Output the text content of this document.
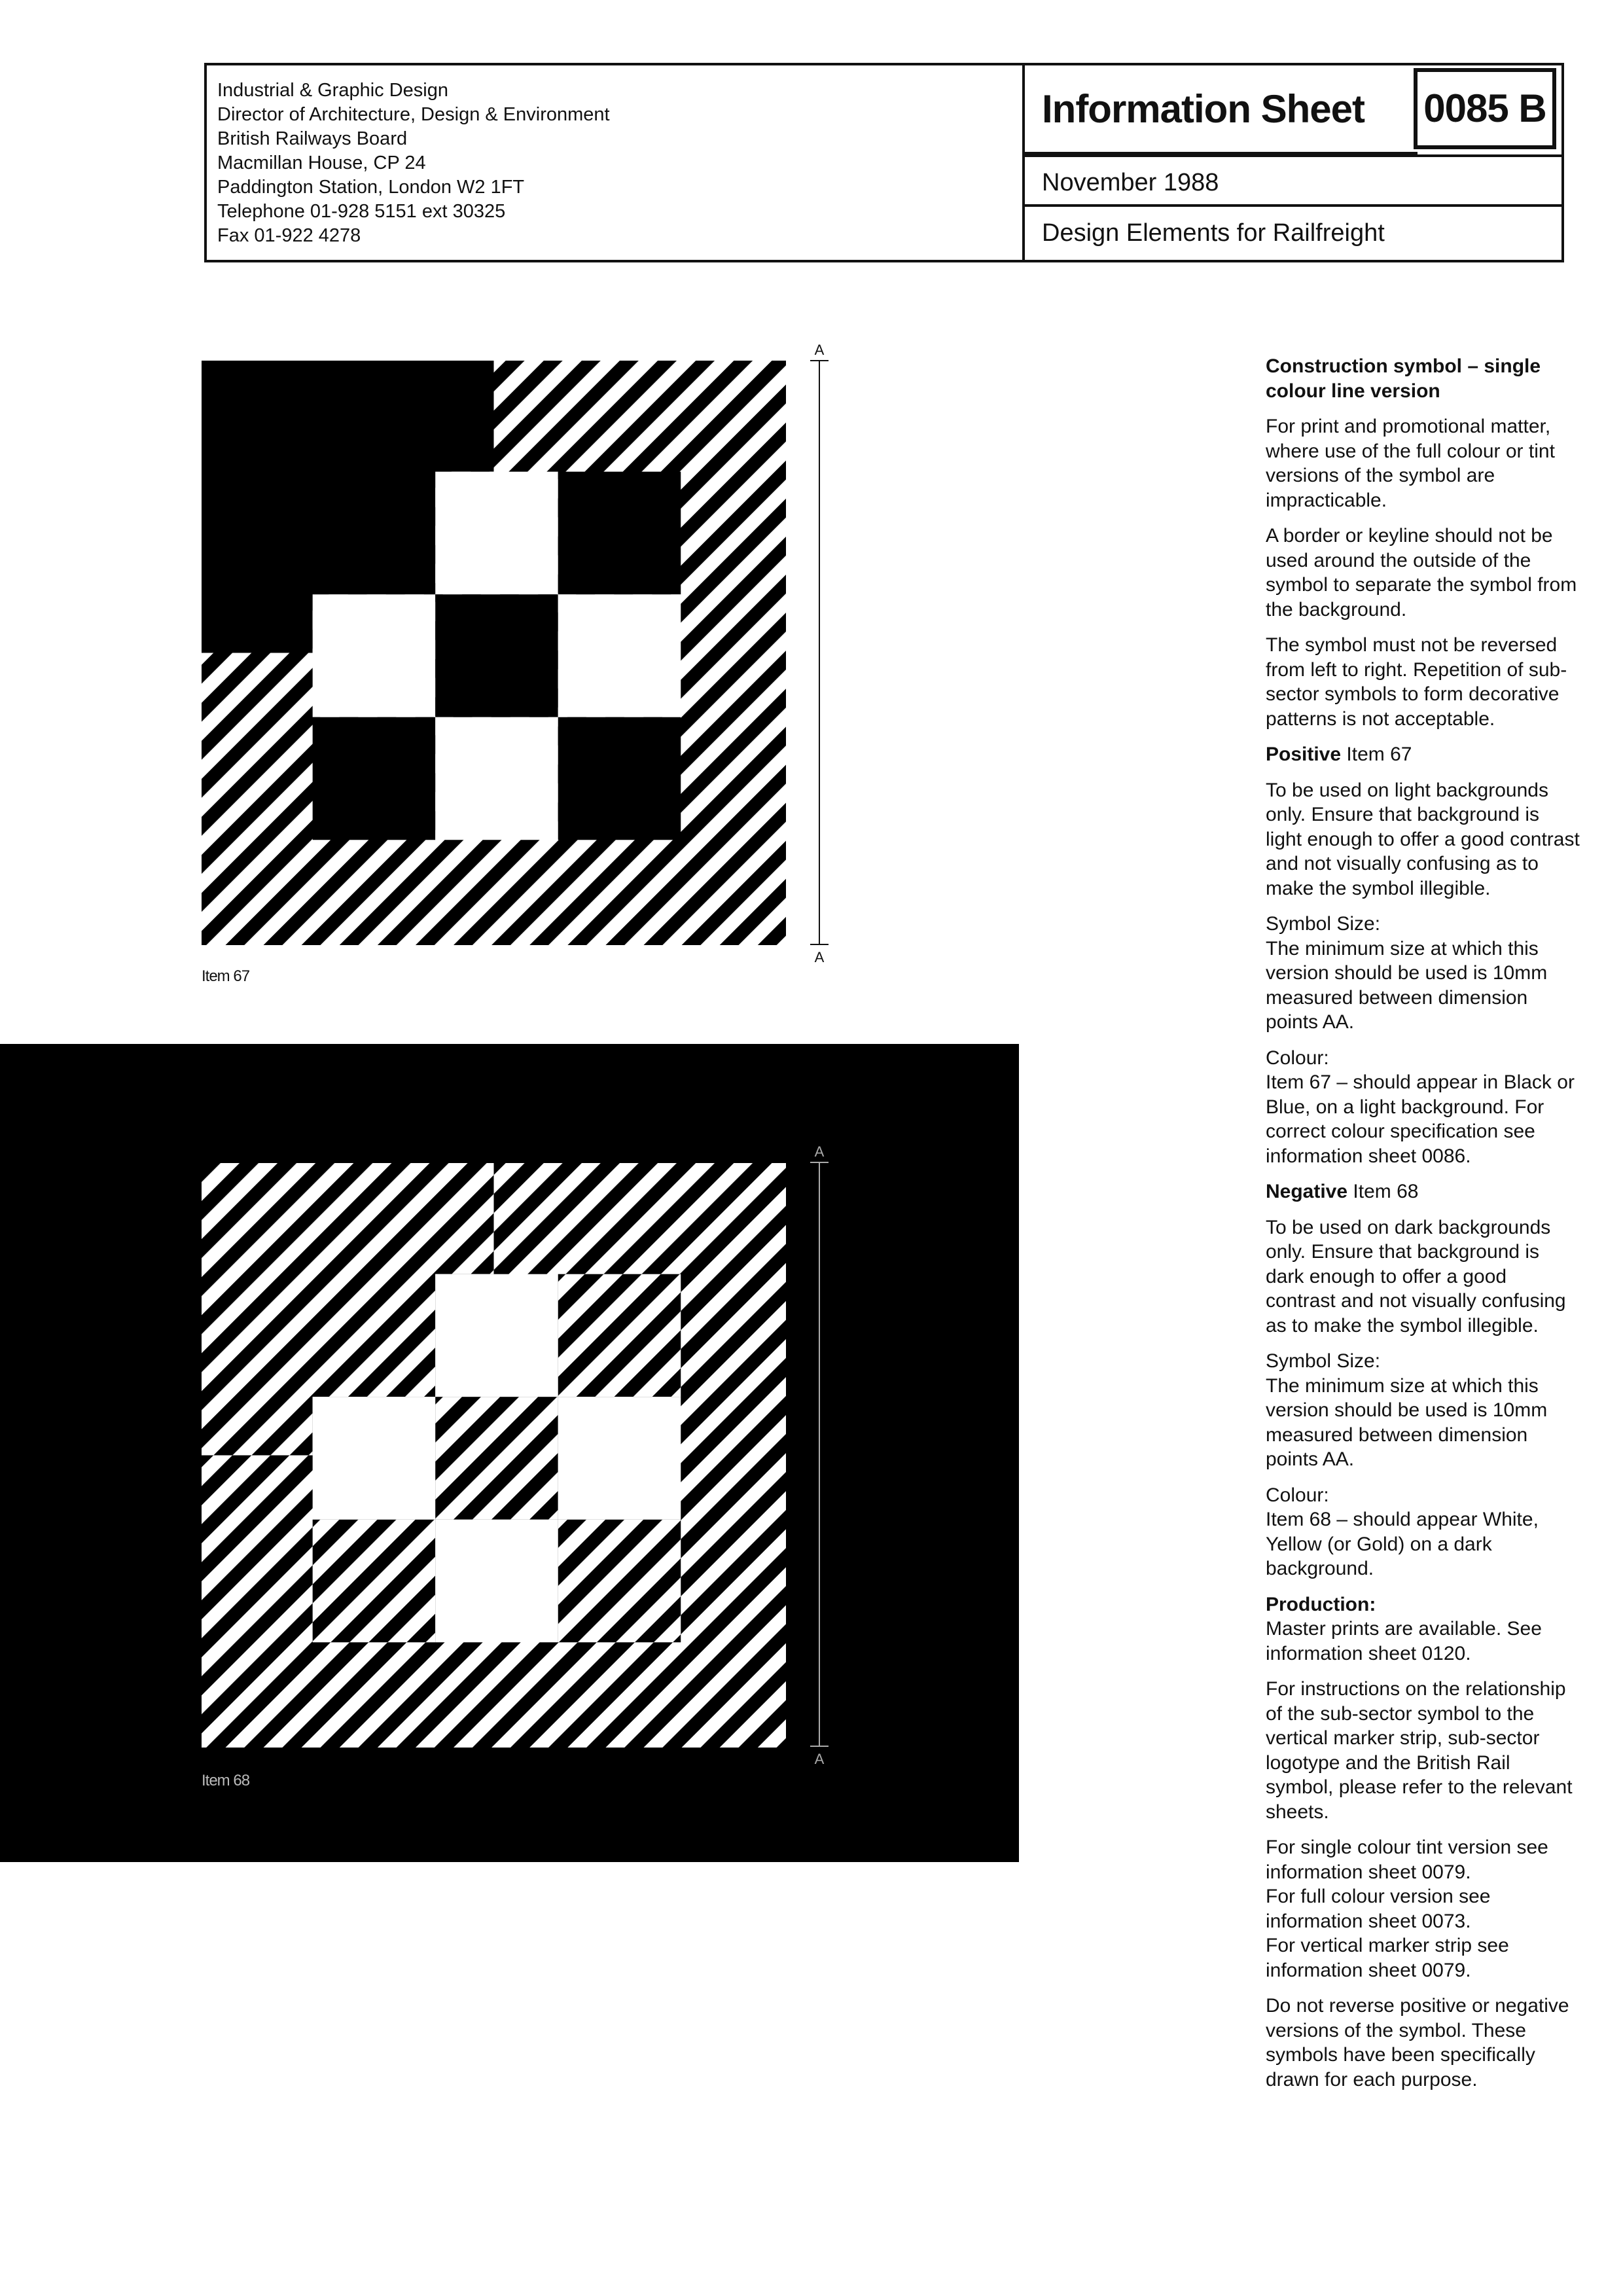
Industrial & Graphic Design
Director of Architecture, Design & Environment
British Railways Board
Macmillan House, CP 24
Paddington Station, London W2 1FT
Telephone 01-928 5151 ext 30325
Fax 01-922 4278
Information Sheet 0085 B
November 1988
Design Elements for Railfreight
A
A
Item 67
A
A
Item 68

Construction symbol – single colour line version

For print and promotional matter, where use of the full colour or tint versions of the symbol are impracticable.

A border or keyline should not be used around the outside of the symbol to separate the symbol from the background.

The symbol must not be reversed from left to right. Repetition of sub-sector symbols to form decorative patterns is not acceptable.

Positive Item 67

To be used on light backgrounds only. Ensure that background is light enough to offer a good contrast and not visually confusing as to make the symbol illegible.

Symbol Size:
The minimum size at which this version should be used is 10mm measured between dimension points AA.

Colour:
Item 67 – should appear in Black or Blue, on a light background. For correct colour specification see information sheet 0086.

Negative Item 68

To be used on dark backgrounds only. Ensure that background is dark enough to offer a good contrast and not visually confusing as to make the symbol illegible.

Symbol Size:
The minimum size at which this version should be used is 10mm measured between dimension points AA.

Colour:
Item 68 – should appear White, Yellow (or Gold) on a dark background.

Production:
Master prints are available. See information sheet 0120.

For instructions on the relationship of the sub-sector symbol to the vertical marker strip, sub-sector logotype and the British Rail symbol, please refer to the relevant sheets.

For single colour tint version see information sheet 0079.
For full colour version see information sheet 0073.
For vertical marker strip see information sheet 0079.

Do not reverse positive or negative versions of the symbol. These symbols have been specifically drawn for each purpose.
